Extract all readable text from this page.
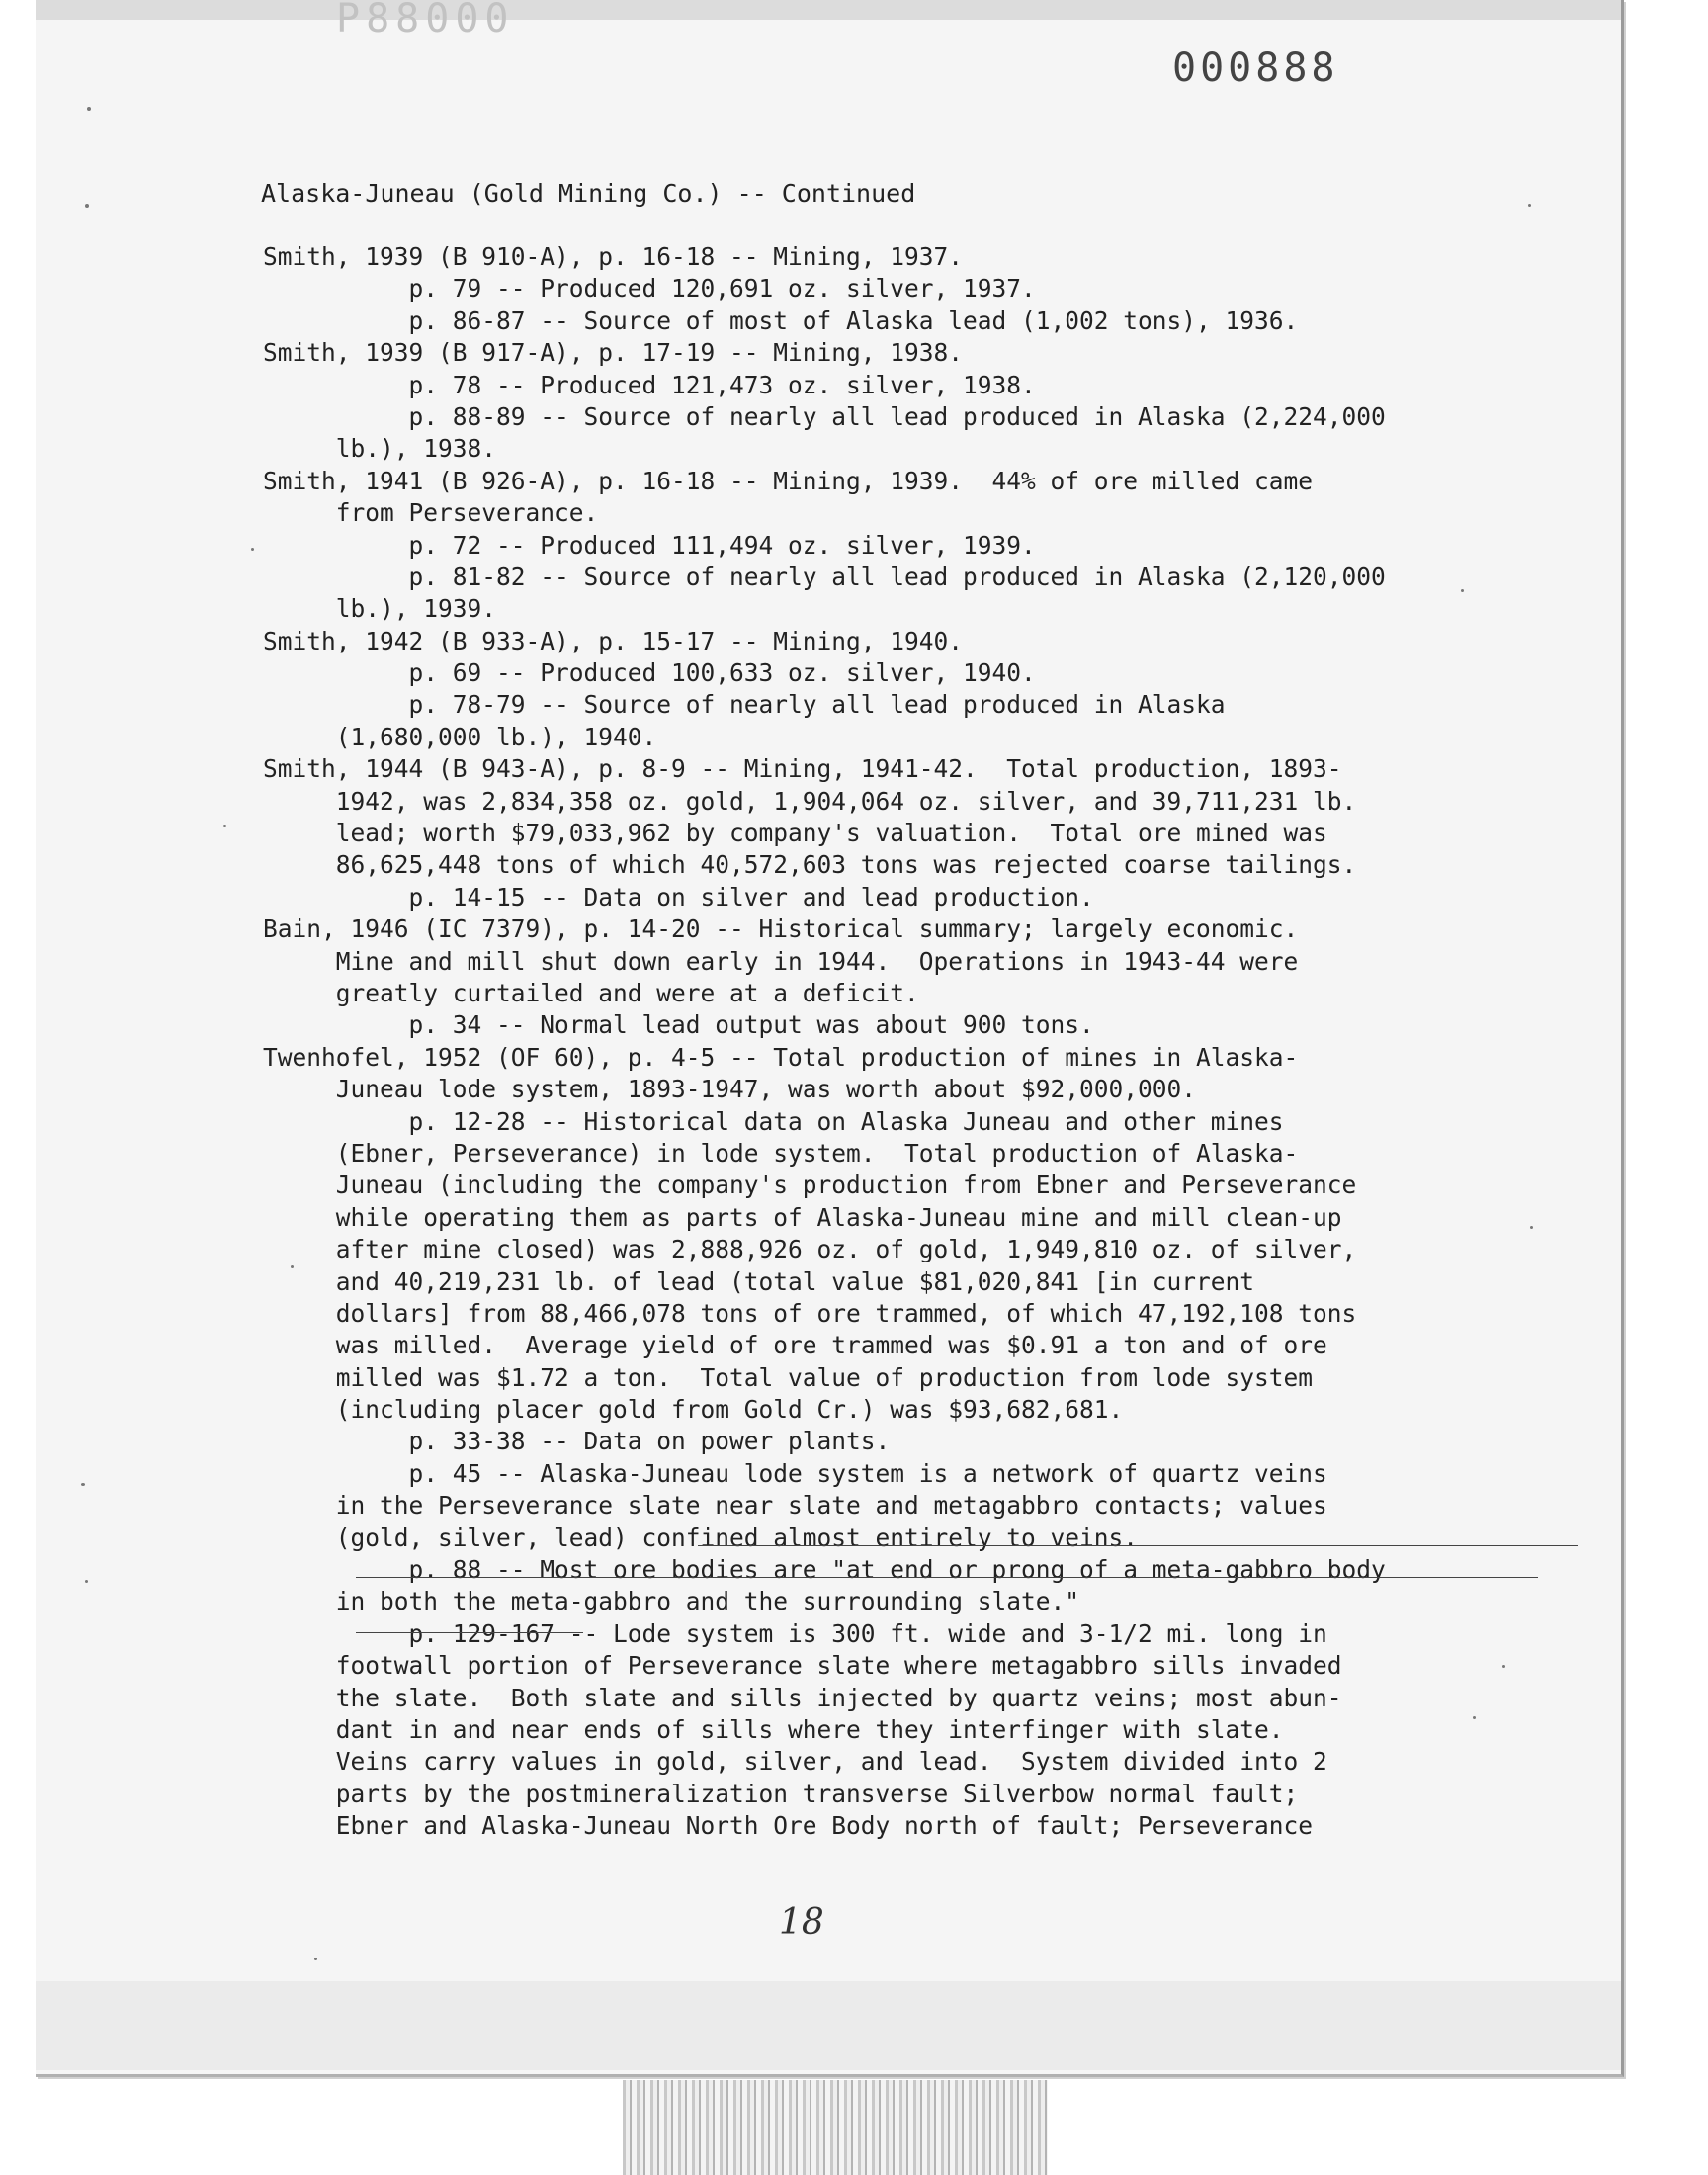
P88000
000888
Alaska-Juneau (Gold Mining Co.) -- Continued
Smith, 1939 (B 910-A), p. 16-18 -- Mining, 1937.
p. 79 -- Produced 120,691 oz. silver, 1937.
p. 86-87 -- Source of most of Alaska lead (1,002 tons), 1936.
Smith, 1939 (B 917-A), p. 17-19 -- Mining, 1938.
p. 78 -- Produced 121,473 oz. silver, 1938.
p. 88-89 -- Source of nearly all lead produced in Alaska (2,224,000
lb.), 1938.
Smith, 1941 (B 926-A), p. 16-18 -- Mining, 1939.  44% of ore milled came
from Perseverance.
p. 72 -- Produced 111,494 oz. silver, 1939.
p. 81-82 -- Source of nearly all lead produced in Alaska (2,120,000
lb.), 1939.
Smith, 1942 (B 933-A), p. 15-17 -- Mining, 1940.
p. 69 -- Produced 100,633 oz. silver, 1940.
p. 78-79 -- Source of nearly all lead produced in Alaska
(1,680,000 lb.), 1940.
Smith, 1944 (B 943-A), p. 8-9 -- Mining, 1941-42.  Total production, 1893-
1942, was 2,834,358 oz. gold, 1,904,064 oz. silver, and 39,711,231 lb.
lead; worth $79,033,962 by company's valuation.  Total ore mined was
86,625,448 tons of which 40,572,603 tons was rejected coarse tailings.
p. 14-15 -- Data on silver and lead production.
Bain, 1946 (IC 7379), p. 14-20 -- Historical summary; largely economic.
Mine and mill shut down early in 1944.  Operations in 1943-44 were
greatly curtailed and were at a deficit.
p. 34 -- Normal lead output was about 900 tons.
Twenhofel, 1952 (OF 60), p. 4-5 -- Total production of mines in Alaska-
Juneau lode system, 1893-1947, was worth about $92,000,000.
p. 12-28 -- Historical data on Alaska Juneau and other mines
(Ebner, Perseverance) in lode system.  Total production of Alaska-
Juneau (including the company's production from Ebner and Perseverance
while operating them as parts of Alaska-Juneau mine and mill clean-up
after mine closed) was 2,888,926 oz. of gold, 1,949,810 oz. of silver,
and 40,219,231 lb. of lead (total value $81,020,841 [in current
dollars] from 88,466,078 tons of ore trammed, of which 47,192,108 tons
was milled.  Average yield of ore trammed was $0.91 a ton and of ore
milled was $1.72 a ton.  Total value of production from lode system
(including placer gold from Gold Cr.) was $93,682,681.
p. 33-38 -- Data on power plants.
p. 45 -- Alaska-Juneau lode system is a network of quartz veins
in the Perseverance slate near slate and metagabbro contacts; values
(gold, silver, lead) confined almost entirely to veins.
p. 88 -- Most ore bodies are "at end or prong of a meta-gabbro body
in both the meta-gabbro and the surrounding slate."
p. 129-167 -- Lode system is 300 ft. wide and 3-1/2 mi. long in
footwall portion of Perseverance slate where metagabbro sills invaded
the slate.  Both slate and sills injected by quartz veins; most abun-
dant in and near ends of sills where they interfinger with slate.
Veins carry values in gold, silver, and lead.  System divided into 2
parts by the postmineralization transverse Silverbow normal fault;
Ebner and Alaska-Juneau North Ore Body north of fault; Perseverance
18
